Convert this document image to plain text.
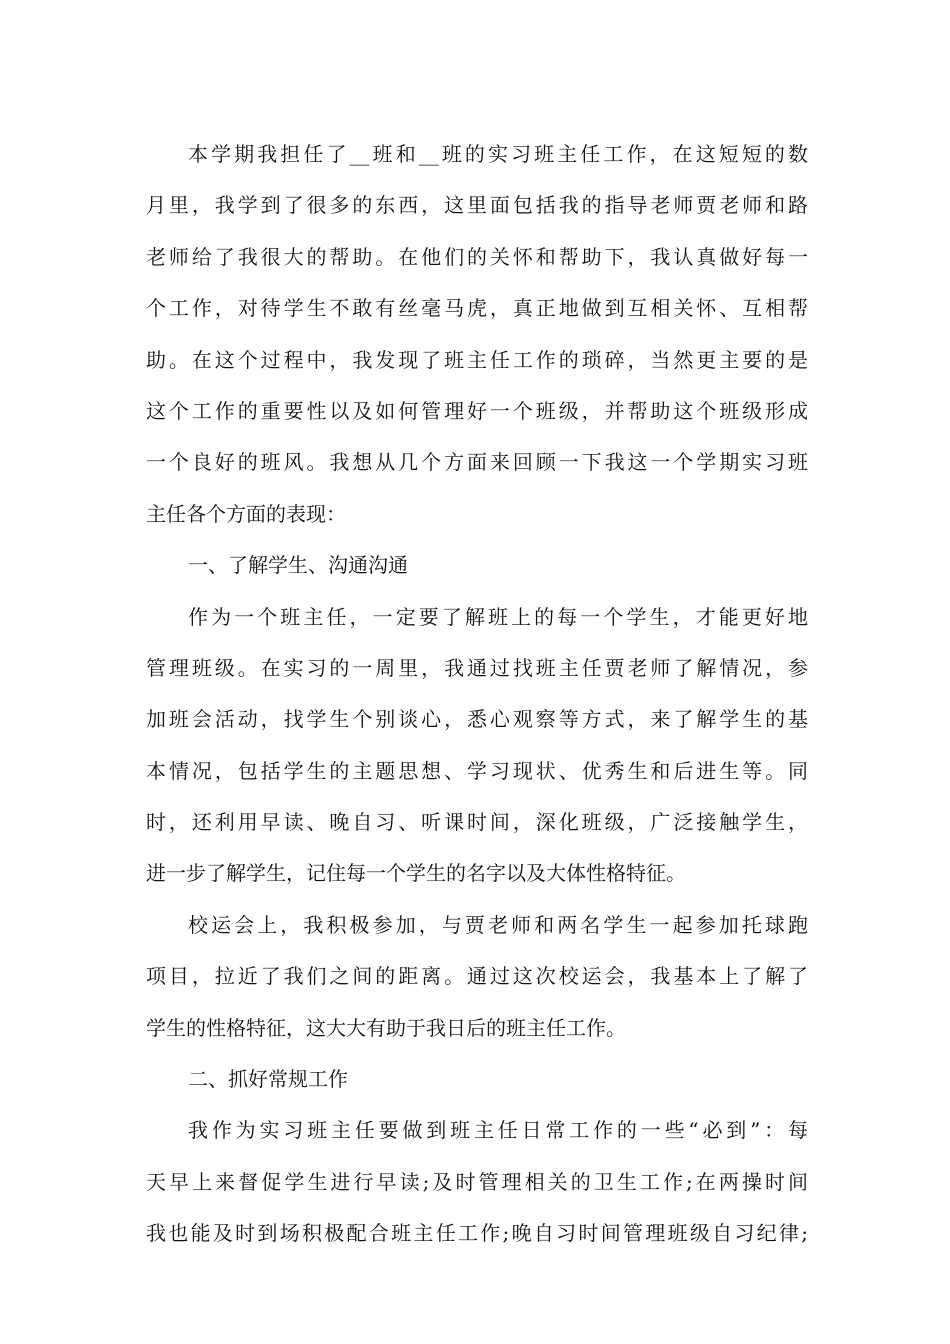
本学期我担任了__班和__班的实习班主任工作，在这短短的数
月里，我学到了很多的东西，这里面包括我的指导老师贾老师和路
老师给了我很大的帮助。在他们的关怀和帮助下，我认真做好每一
个工作，对待学生不敢有丝毫马虎，真正地做到互相关怀、互相帮
助。在这个过程中，我发现了班主任工作的琐碎，当然更主要的是
这个工作的重要性以及如何管理好一个班级，并帮助这个班级形成
一个良好的班风。我想从几个方面来回顾一下我这一个学期实习班
主任各个方面的表现：
一、了解学生、沟通沟通
作为一个班主任，一定要了解班上的每一个学生，才能更好地
管理班级。在实习的一周里，我通过找班主任贾老师了解情况，参
加班会活动，找学生个别谈心，悉心观察等方式，来了解学生的基
本情况，包括学生的主题思想、学习现状、优秀生和后进生等。同
时，还利用早读、晚自习、听课时间，深化班级，广泛接触学生，
进一步了解学生，记住每一个学生的名字以及大体性格特征。
校运会上，我积极参加，与贾老师和两名学生一起参加托球跑
项目，拉近了我们之间的距离。通过这次校运会，我基本上了解了
学生的性格特征，这大大有助于我日后的班主任工作。
二、抓好常规工作
我作为实习班主任要做到班主任日常工作的一些“必到”：每
天早上来督促学生进行早读;及时管理相关的卫生工作;在两操时间
我也能及时到场积极配合班主任工作;晚自习时间管理班级自习纪律;
